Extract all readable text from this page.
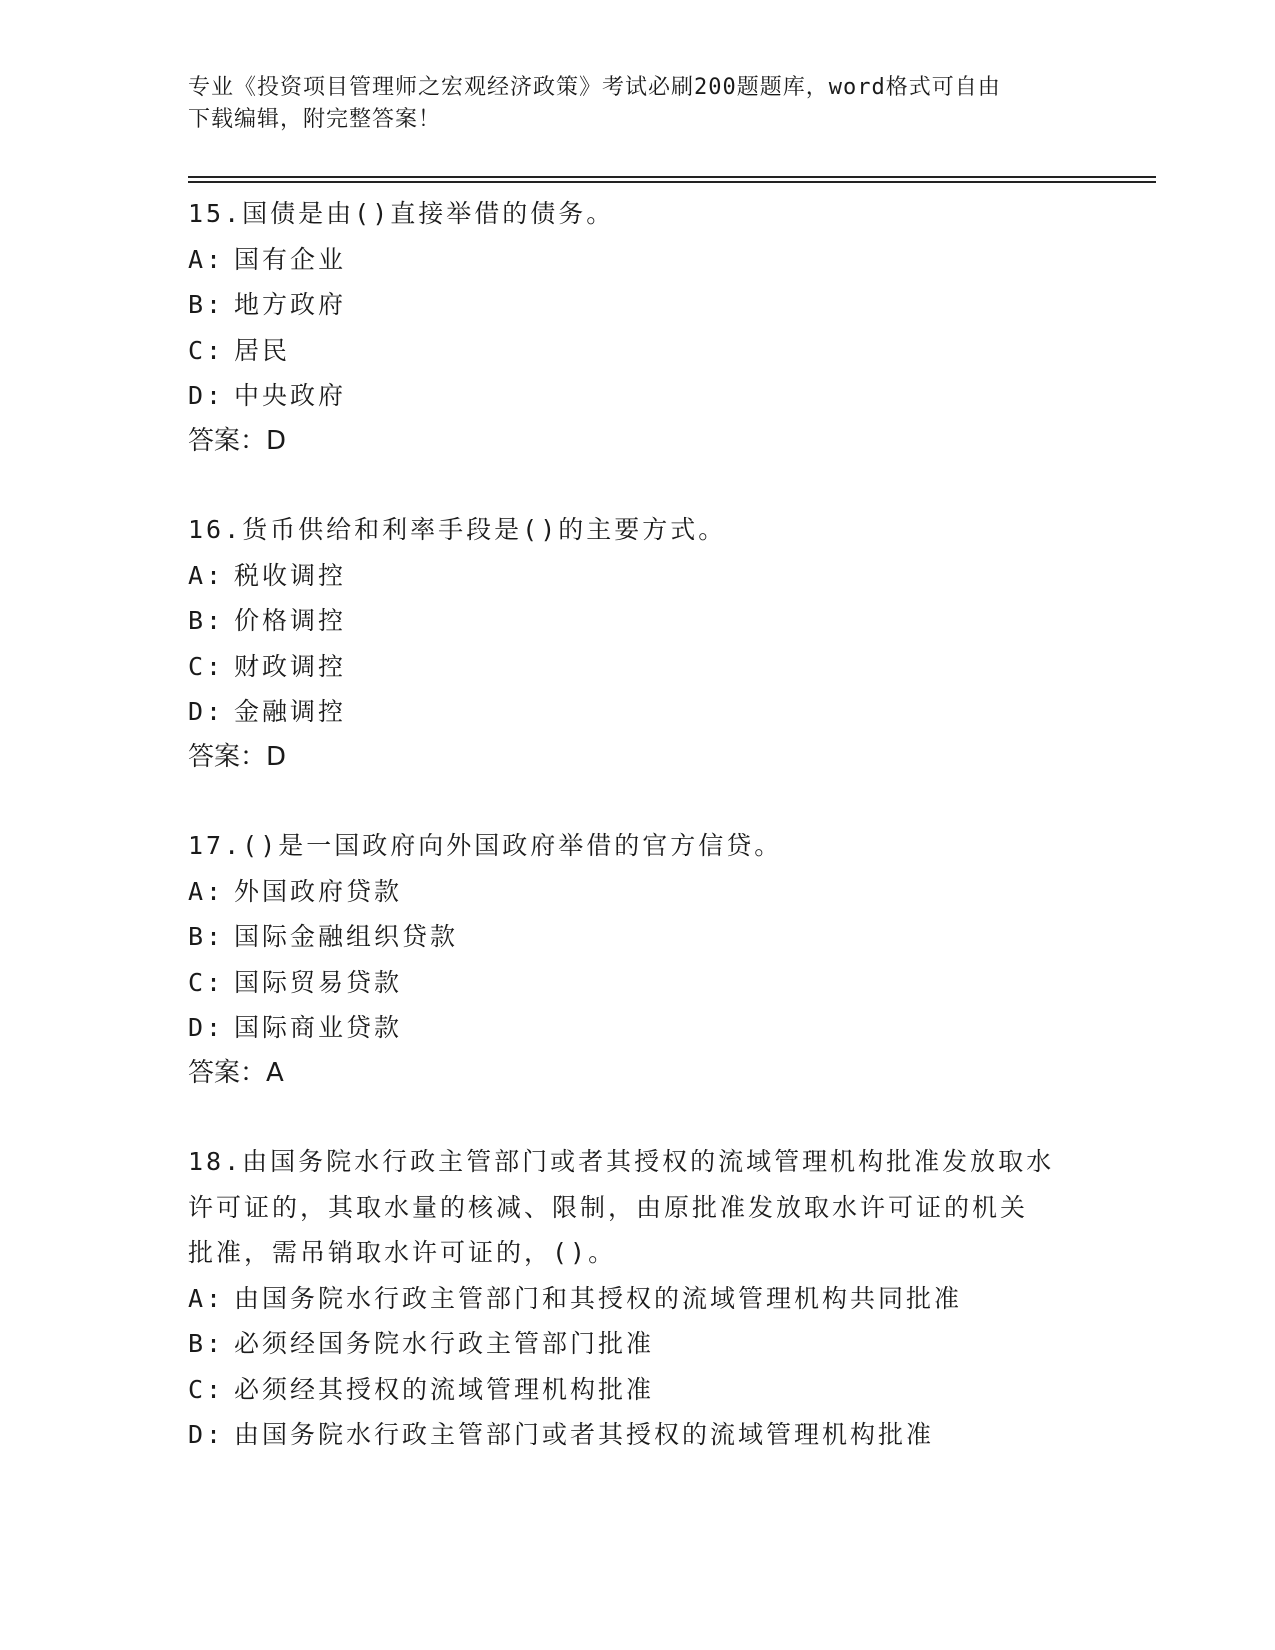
专业《投资项目管理师之宏观经济政策》考试必刷200题题库，word格式可自由
下载编辑，附完整答案！

15.国债是由()直接举借的债务。

A: 国有企业

B: 地方政府

C: 居民

D: 中央政府

答案：D

16.货币供给和利率手段是()的主要方式。

A: 税收调控

B: 价格调控

C: 财政调控

D: 金融调控

答案：D

17.()是一国政府向外国政府举借的官方信贷。

A: 外国政府贷款

B: 国际金融组织贷款

C: 国际贸易贷款

D: 国际商业贷款

答案：A

18.由国务院水行政主管部门或者其授权的流域管理机构批准发放取水

许可证的，其取水量的核减、限制，由原批准发放取水许可证的机关

批准，需吊销取水许可证的，()。

A: 由国务院水行政主管部门和其授权的流域管理机构共同批准

B: 必须经国务院水行政主管部门批准

C: 必须经其授权的流域管理机构批准

D: 由国务院水行政主管部门或者其授权的流域管理机构批准
